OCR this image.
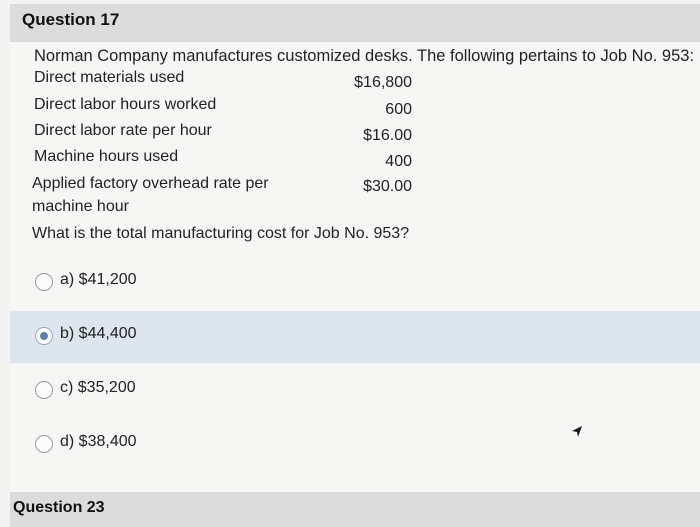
Question 17
Norman Company manufactures customized desks. The following pertains to Job No. 953:
Direct materials used	$16,800
Direct labor hours worked	600
Direct labor rate per hour	$16.00
Machine hours used	400
Applied factory overhead rate per	$30.00
machine hour
What is the total manufacturing cost for Job No. 953?
a) $41,200
b) $44,400
c) $35,200
d) $38,400
Question 23
